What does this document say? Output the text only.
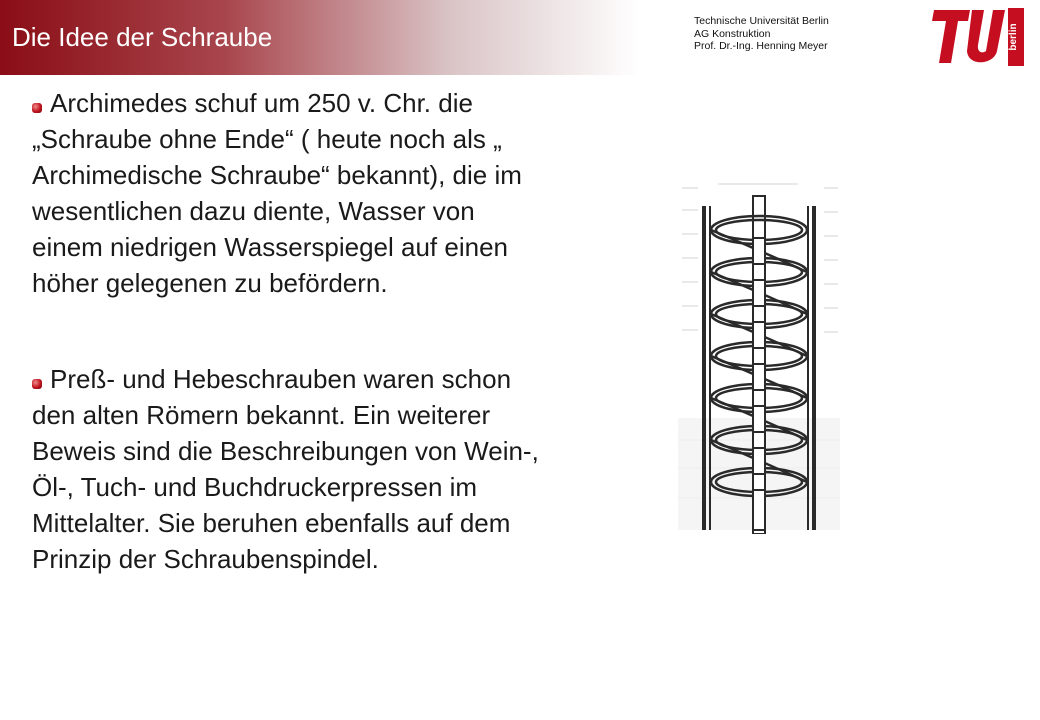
Die Idee der Schraube
Technische Universität Berlin
AG Konstruktion
Prof. Dr.-Ing. Henning Meyer	berlin

Archimedes schuf um 250 v. Chr. die
„Schraube ohne Ende“ ( heute noch als „
Archimedische Schraube“ bekannt), die im
wesentlichen dazu diente, Wasser von
einem niedrigen Wasserspiegel auf einen
höher gelegenen zu befördern.

Preß- und Hebeschrauben waren schon
den alten Römern bekannt. Ein weiterer
Beweis sind die Beschreibungen von Wein-,
Öl-, Tuch- und Buchdruckerpressen im
Mittelalter. Sie beruhen ebenfalls auf dem
Prinzip der Schraubenspindel.
